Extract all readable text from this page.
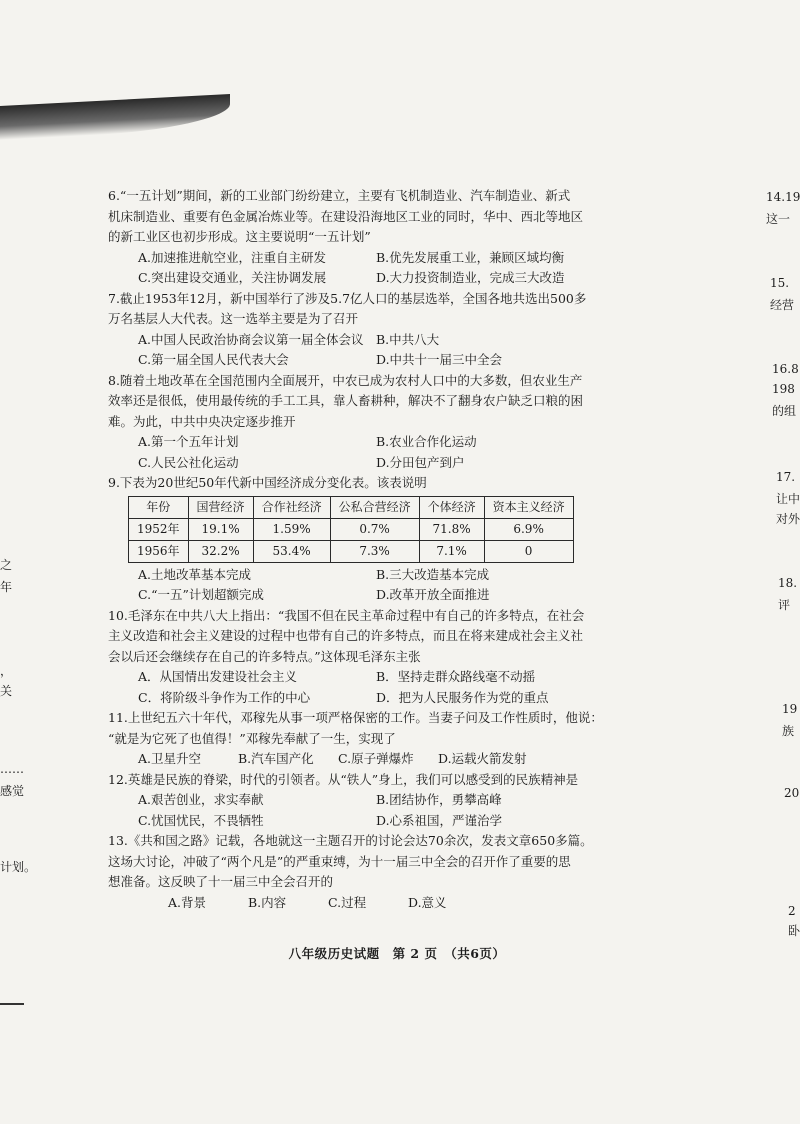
之
年
，
关
……
感觉
计划。
14.19
这一
15.
经营
16.8
198
的组
17.
让中
对外
18.
评
19
族
20
2
卧
6.“一五计划”期间，新的工业部门纷纷建立，主要有飞机制造业、汽车制造业、新式
机床制造业、重要有色金属冶炼业等。在建设沿海地区工业的同时，华中、西北等地区
的新工业区也初步形成。这主要说明“一五计划”
A.加速推进航空业，注重自主研发	B.优先发展重工业，兼顾区域均衡
C.突出建设交通业，关注协调发展	D.大力投资制造业，完成三大改造
7.截止1953年12月，新中国举行了涉及5.7亿人口的基层选举，全国各地共选出500多
万名基层人大代表。这一选举主要是为了召开
A.中国人民政治协商会议第一届全体会议 B.中共八大
C.第一届全国人民代表大会	D.中共十一届三中全会
8.随着土地改革在全国范围内全面展开，中农已成为农村人口中的大多数，但农业生产
效率还是很低，使用最传统的手工工具，靠人畜耕种，解决不了翻身农户缺乏口粮的困
难。为此，中共中央决定逐步推开
A.第一个五年计划	B.农业合作化运动
C.人民公社化运动	D.分田包产到户
9.下表为20世纪50年代新中国经济成分变化表。该表说明
年份	国营经济	合作社经济	公私合营经济	个体经济	资本主义经济
1952年	19.1%	1.59%	0.7%	71.8%	6.9%
1956年	32.2%	53.4%	7.3%	7.1%	0
A.土地改革基本完成	B.三大改造基本完成
C.“一五”计划超额完成	D.改革开放全面推进
10.毛泽东在中共八大上指出：“我国不但在民主革命过程中有自己的许多特点，在社会
主义改造和社会主义建设的过程中也带有自己的许多特点，而且在将来建成社会主义社
会以后还会继续存在自己的许多特点。”这体现毛泽东主张
A．从国情出发建设社会主义	B．坚持走群众路线毫不动摇
C．将阶级斗争作为工作的中心	D．把为人民服务作为党的重点
11.上世纪五六十年代，邓稼先从事一项严格保密的工作。当妻子问及工作性质时，他说：
“就是为它死了也值得！”邓稼先奉献了一生，实现了
A.卫星升空	B.汽车国产化	C.原子弹爆炸	D.运载火箭发射
12.英雄是民族的脊梁，时代的引领者。从“铁人”身上，我们可以感受到的民族精神是
A.艰苦创业，求实奉献	B.团结协作，勇攀高峰
C.忧国忧民，不畏牺牲	D.心系祖国，严谨治学
13.《共和国之路》记载，各地就这一主题召开的讨论会达70余次，发表文章650多篇。
这场大讨论，冲破了“两个凡是”的严重束缚，为十一届三中全会的召开作了重要的思
想准备。这反映了十一届三中全会召开的
A.背景	B.内容	C.过程	D.意义
八年级历史试题　第 2 页　（共6页）
